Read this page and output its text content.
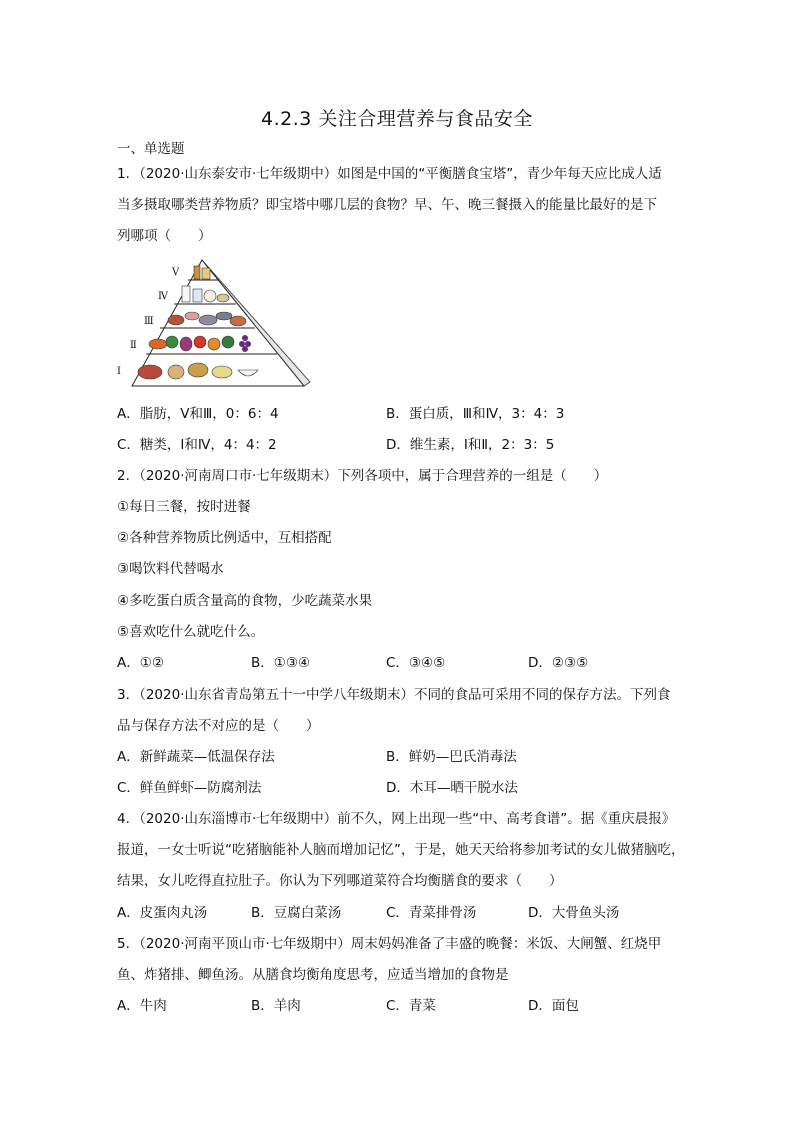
4.2.3 关注合理营养与食品安全
一、单选题
1．（2020·山东泰安市·七年级期中）如图是中国的“平衡膳食宝塔”，青少年每天应比成人适
当多摄取哪类营养物质？即宝塔中哪几层的食物？早、午、晚三餐摄入的能量比最好的是下
列哪项（　　）
Ⅴ
Ⅳ
Ⅲ
Ⅱ
Ⅰ
A．脂肪，Ⅴ和Ⅲ，0：6：4	B．蛋白质，Ⅲ和Ⅳ，3：4：3
C．糖类，Ⅰ和Ⅳ，4：4：2	D．维生素，Ⅰ和Ⅱ，2：3：5
2．（2020·河南周口市·七年级期末）下列各项中，属于合理营养的一组是（　　）
①每日三餐，按时进餐
②各种营养物质比例适中，互相搭配
③喝饮料代替喝水
④多吃蛋白质含量高的食物，少吃蔬菜水果
⑤喜欢吃什么就吃什么。
A．①②	B．①③④	C．③④⑤	D．②③⑤
3．（2020·山东省青岛第五十一中学八年级期末）不同的食品可采用不同的保存方法。下列食
品与保存方法不对应的是（　　）
A．新鲜蔬菜—低温保存法	B．鲜奶—巴氏消毒法
C．鲜鱼鲜虾—防腐剂法	D．木耳—晒干脱水法
4．（2020·山东淄博市·七年级期中）前不久，网上出现一些“中、高考食谱”。据《重庆晨报》
报道，一女士听说“吃猪脑能补人脑而增加记忆”，于是，她天天给将参加考试的女儿做猪脑吃，
结果，女儿吃得直拉肚子。你认为下列哪道菜符合均衡膳食的要求（　　）
A．皮蛋肉丸汤	B．豆腐白菜汤	C．青菜排骨汤	D．大骨鱼头汤
5．（2020·河南平顶山市·七年级期中）周末妈妈准备了丰盛的晚餐：米饭、大闸蟹、红烧甲
鱼、炸猪排、鲫鱼汤。从膳食均衡角度思考，应适当增加的食物是
A．牛肉	B．羊肉	C．青菜	D．面包
